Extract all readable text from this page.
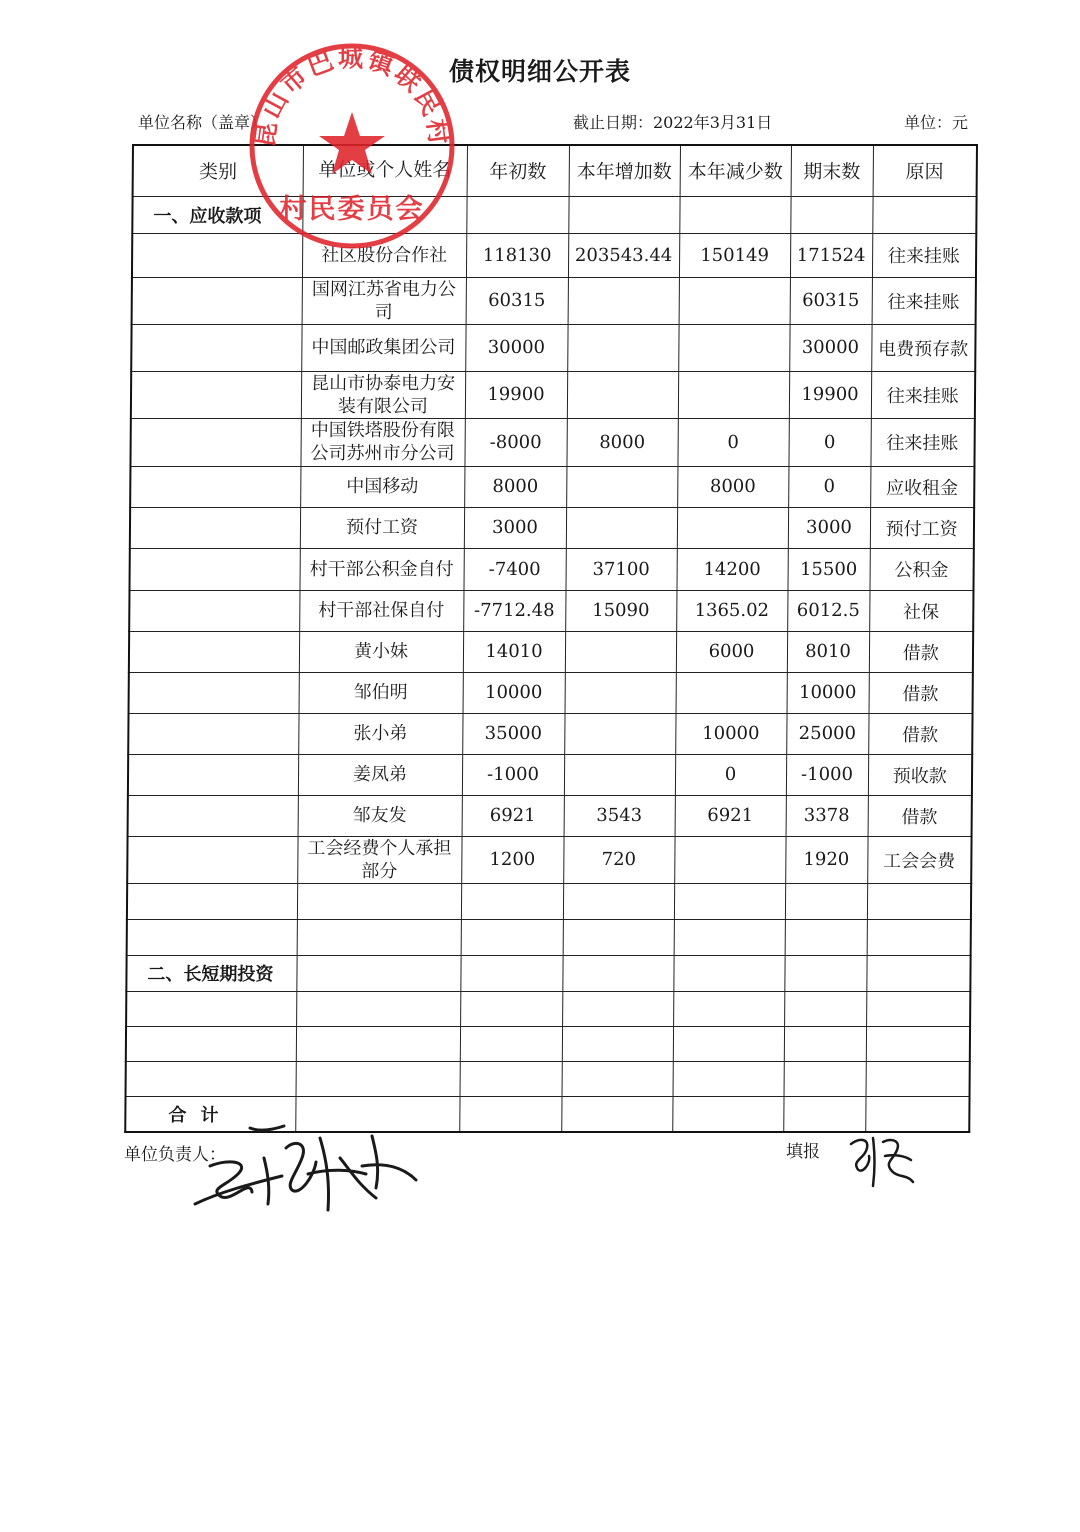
债权明细公开表
单位名称（盖章）	截止日期：2022年3月31日	单位：元
类别	单位或个人姓名	年初数	本年增加数	本年减少数	期末数	原因
一、应收款项						
	社区股份合作社	118130	203543.44	150149	171524	往来挂账
	国网江苏省电力公司	60315			60315	往来挂账
	中国邮政集团公司	30000			30000	电费预存款
	昆山市协泰电力安装有限公司	19900			19900	往来挂账
	中国铁塔股份有限公司苏州市分公司	-8000	8000	0	0	往来挂账
	中国移动	8000		8000	0	应收租金
	预付工资	3000			3000	预付工资
	村干部公积金自付	-7400	37100	14200	15500	公积金
	村干部社保自付	-7712.48	15090	1365.02	6012.5	社保
	黄小妹	14010		6000	8010	借款
	邹伯明	10000			10000	借款
	张小弟	35000		10000	25000	借款
	姜凤弟	-1000		0	-1000	预收款
	邹友发	6921	3543	6921	3378	借款
	工会经费个人承担部分	1200	720		1920	工会会费

二、长短期投资						

合计						
昆山市巴城镇联民村
村民委员会
单位负责人：	填报
